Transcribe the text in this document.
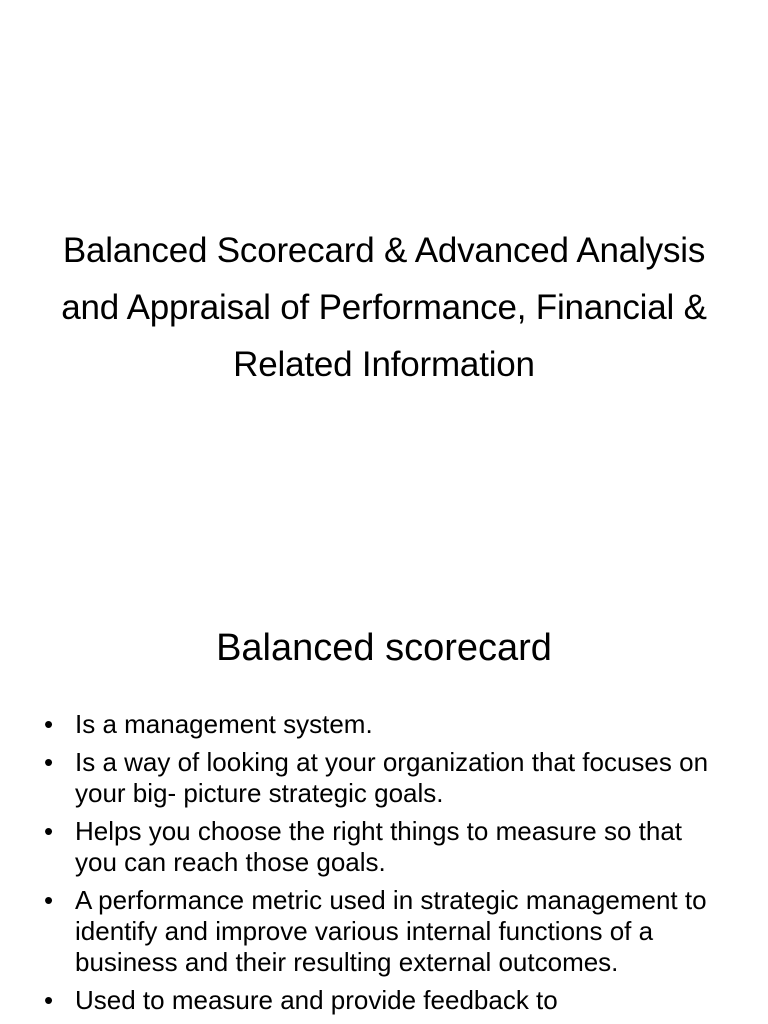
Balanced Scorecard & Advanced Analysis and Appraisal of Performance, Financial & Related Information
Balanced scorecard
• Is a management system.
• Is a way of looking at your organization that focuses on your big- picture strategic goals.
• Helps you choose the right things to measure so that you can reach those goals.
• A performance metric used in strategic management to identify and improve various internal functions of a business and their resulting external outcomes.
• Used to measure and provide feedback to
